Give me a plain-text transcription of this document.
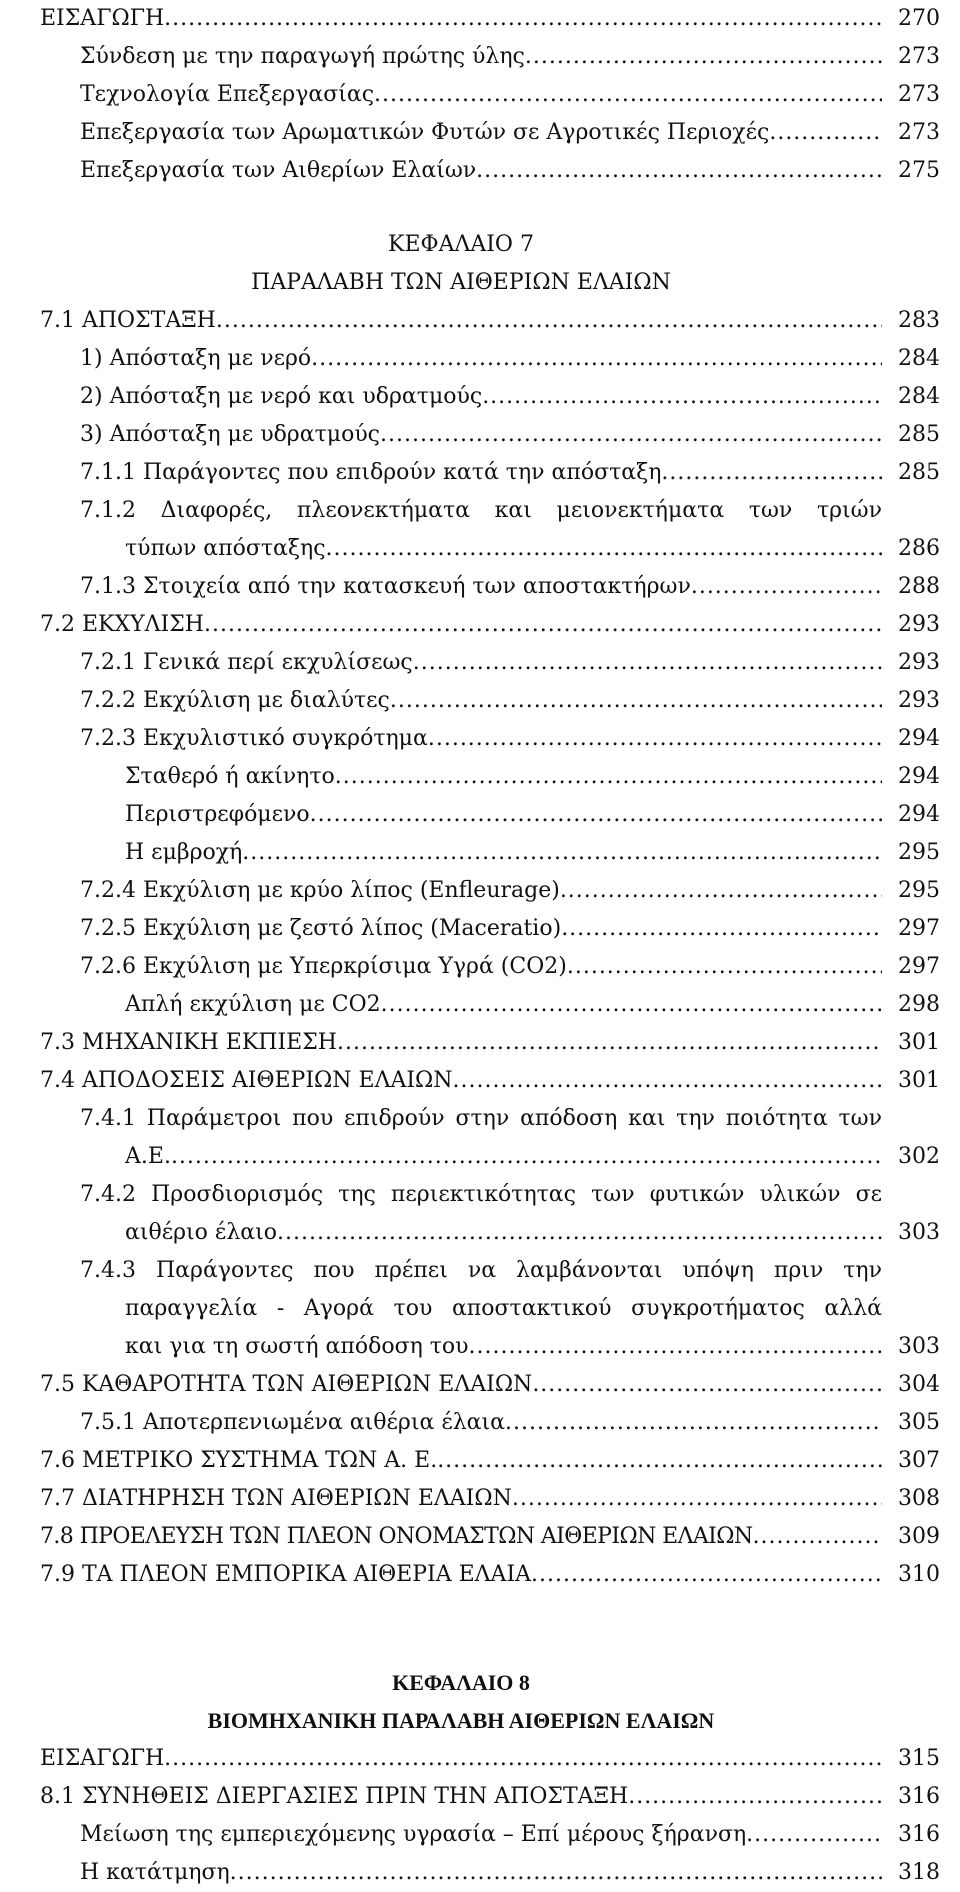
ΕΙΣΑΓΩΓΗ .....	270
Σύνδεση με την παραγωγή πρώτης ύλης .....	273
Τεχνολογία Επεξεργασίας .....	273
Επεξεργασία των Αρωματικών Φυτών σε Αγροτικές Περιοχές .....	273
Επεξεργασία των Αιθερίων Ελαίων .....	275
ΚΕΦΑΛΑΙΟ 7
ΠΑΡΑΛΑΒΗ ΤΩΝ ΑΙΘΕΡΙΩΝ ΕΛΑΙΩΝ
7.1 ΑΠΟΣΤΑΞΗ .....	283
1) Απόσταξη με νερό .....	284
2) Απόσταξη με νερό και υδρατμούς .....	284
3) Απόσταξη με υδρατμούς .....	285
7.1.1 Παράγοντες που επιδρούν κατά την απόσταξη .....	285
7.1.2 Διαφορές, πλεονεκτήματα και μειονεκτήματα των τριών
τύπων απόσταξης .....	286
7.1.3 Στοιχεία από την κατασκευή των αποστακτήρων .....	288
7.2 ΕΚΧΥΛΙΣΗ .....	293
7.2.1 Γενικά περί εκχυλίσεως .....	293
7.2.2 Εκχύλιση με διαλύτες .....	293
7.2.3 Εκχυλιστικό συγκρότημα .....	294
Σταθερό ή ακίνητο .....	294
Περιστρεφόμενο .....	294
Η εμβροχή .....	295
7.2.4 Εκχύλιση με κρύο λίπος (Enfleurage) .....	295
7.2.5 Εκχύλιση με ζεστό λίπος (Maceratio) .....	297
7.2.6 Εκχύλιση με Υπερκρίσιμα Υγρά (CO2) .....	297
Απλή εκχύλιση με CO2 .....	298
7.3 ΜΗΧΑΝΙΚΗ ΕΚΠΙΕΣΗ .....	301
7.4 ΑΠΟΔΟΣΕΙΣ ΑΙΘΕΡΙΩΝ ΕΛΑΙΩΝ .....	301
7.4.1 Παράμετροι που επιδρούν στην απόδοση και την ποιότητα των
Α.Ε. .....	302
7.4.2 Προσδιορισμός της περιεκτικότητας των φυτικών υλικών σε
αιθέριο έλαιο .....	303
7.4.3 Παράγοντες που πρέπει να λαμβάνονται υπόψη πριν την
παραγγελία - Αγορά του αποστακτικού συγκροτήματος αλλά
και για τη σωστή απόδοση του .....	303
7.5 ΚΑΘΑΡΟΤΗΤΑ ΤΩΝ ΑΙΘΕΡΙΩΝ ΕΛΑΙΩΝ .....	304
7.5.1 Αποτερπενιωμένα αιθέρια έλαια .....	305
7.6 ΜΕΤΡΙΚΟ ΣΥΣΤΗΜΑ ΤΩΝ Α. Ε. .....	307
7.7 ΔΙΑΤΗΡΗΣΗ ΤΩΝ ΑΙΘΕΡΙΩΝ ΕΛΑΙΩΝ .....	308
7.8 ΠΡΟΕΛΕΥΣΗ ΤΩΝ ΠΛΕΟΝ ΟΝΟΜΑΣΤΩΝ ΑΙΘΕΡΙΩΝ ΕΛΑΙΩΝ .....	309
7.9 ΤΑ ΠΛΕΟΝ ΕΜΠΟΡΙΚΑ ΑΙΘΕΡΙΑ ΕΛΑΙΑ .....	310
ΚΕΦΑΛΑΙΟ 8
ΒΙΟΜΗΧΑΝΙΚΗ ΠΑΡΑΛΑΒΗ ΑΙΘΕΡΙΩΝ ΕΛΑΙΩΝ
ΕΙΣΑΓΩΓΗ .....	315
8.1 ΣΥΝΗΘΕΙΣ ΔΙΕΡΓΑΣΙΕΣ ΠΡΙΝ ΤΗΝ ΑΠΟΣΤΑΞΗ .....	316
Μείωση της εμπεριεχόμενης υγρασία – Επί μέρους ξήρανση .....	316
Η κατάτμηση .....	318
